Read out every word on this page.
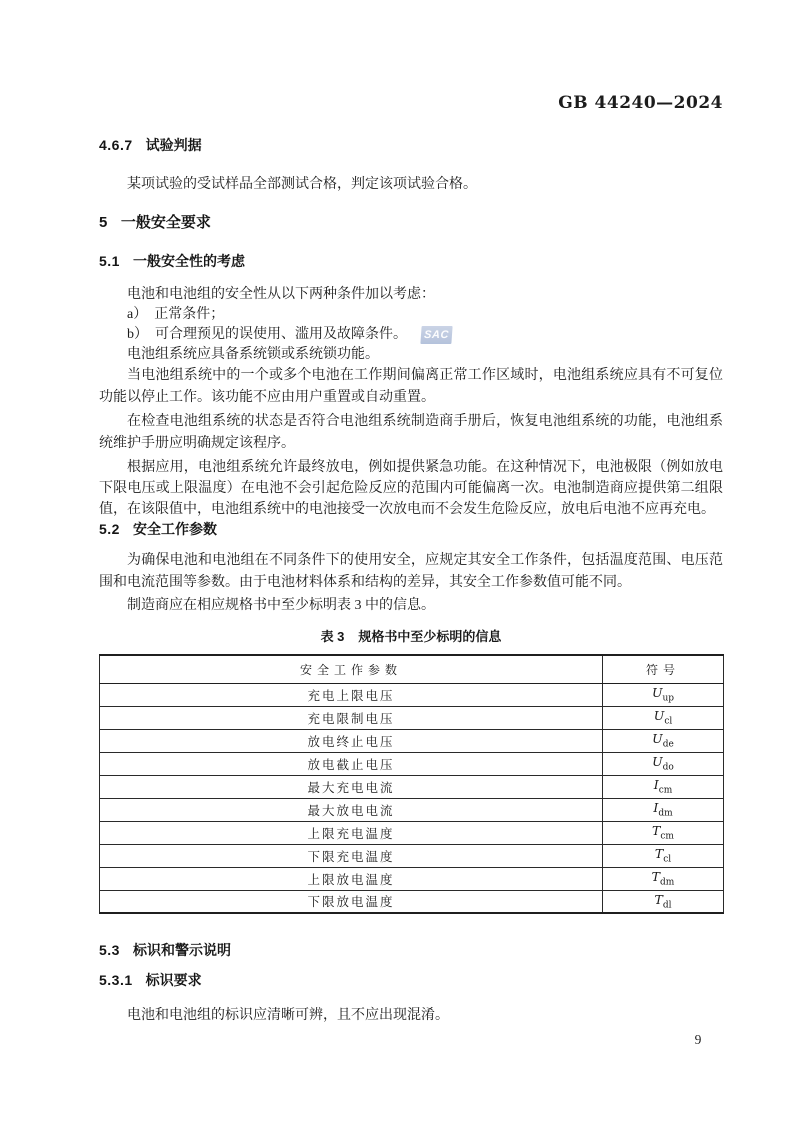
GB 44240—2024
4.6.7 试验判据

某项试验的受试样品全部测试合格，判定该项试验合格。

5 一般安全要求
5.1 一般安全性的考虑

电池和电池组的安全性从以下两种条件加以考虑：

a）　正常条件；

b）　可合理预见的误使用、滥用及故障条件。

电池组系统应具备系统锁或系统锁功能。

当电池组系统中的一个或多个电池在工作期间偏离正常工作区域时，电池组系统应具有不可复位功能以停止工作。该功能不应由用户重置或自动重置。

在检查电池组系统的状态是否符合电池组系统制造商手册后，恢复电池组系统的功能，电池组系统维护手册应明确规定该程序。

根据应用，电池组系统允许最终放电，例如提供紧急功能。在这种情况下，电池极限（例如放电下限电压或上限温度）在电池不会引起危险反应的范围内可能偏离一次。电池制造商应提供第二组限值，在该限值中，电池组系统中的电池接受一次放电而不会发生危险反应，放电后电池不应再充电。

5.2 安全工作参数

为确保电池和电池组在不同条件下的使用安全，应规定其安全工作条件，包括温度范围、电压范围和电流范围等参数。由于电池材料体系和结构的差异，其安全工作参数值可能不同。

制造商应在相应规格书中至少标明表 3 中的信息。

表 3 规格书中至少标明的信息
安全工作参数	符号
充电上限电压	$U_{up}$
充电限制电压	$U_{cl}$
放电终止电压	$U_{de}$
放电截止电压	$U_{do}$
最大充电电流	$I_{cm}$
最大放电电流	$I_{dm}$
上限充电温度	$T_{cm}$
下限充电温度	$T_{cl}$
上限放电温度	$T_{dm}$
下限放电温度	$T_{dl}$
5.3 标识和警示说明
5.3.1 标识要求

电池和电池组的标识应清晰可辨，且不应出现混淆。

SAC
9
